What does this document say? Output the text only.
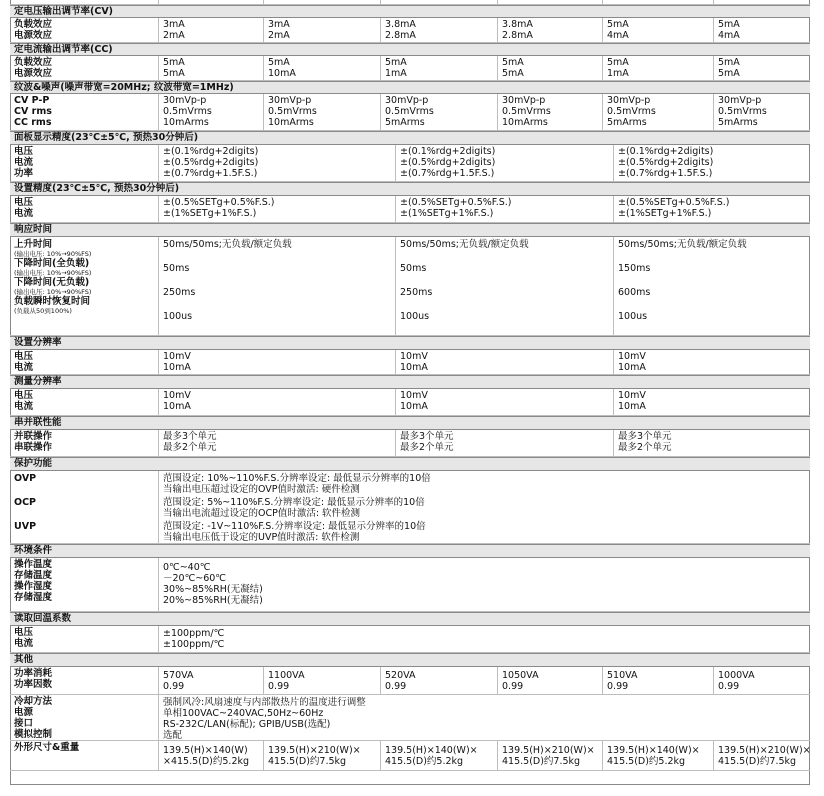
定电压输出调节率(CV)
负载效应
电源效应
3mA
2mA
3mA
2mA
3.8mA
2.8mA
3.8mA
2.8mA
5mA
4mA
5mA
4mA
定电流输出调节率(CC)
负载效应
电源效应
5mA
5mA
5mA
10mA
5mA
1mA
5mA
5mA
5mA
1mA
5mA
5mA
纹波&噪声(噪声带宽=20MHz; 纹波带宽=1MHz)
CV P-P
CV rms
CC rms
30mVp-p
0.5mVrms
10mArms
30mVp-p
0.5mVrms
10mArms
30mVp-p
0.5mVrms
5mArms
30mVp-p
0.5mVrms
10mArms
30mVp-p
0.5mVrms
5mArms
30mVp-p
0.5mVrms
5mArms
面板显示精度(23℃±5℃, 预热30分钟后)
电压
电流
功率
±(0.1%rdg+2digits)
±(0.5%rdg+2digits)
±(0.7%rdg+1.5F.S.)
±(0.1%rdg+2digits)
±(0.5%rdg+2digits)
±(0.7%rdg+1.5F.S.)
±(0.1%rdg+2digits)
±(0.5%rdg+2digits)
±(0.7%rdg+1.5F.S.)
设置精度(23℃±5℃, 预热30分钟后)
电压
电流
±(0.5%SETg+0.5%F.S.)
±(1%SETg+1%F.S.)
±(0.5%SETg+0.5%F.S.)
±(1%SETg+1%F.S.)
±(0.5%SETg+0.5%F.S.)
±(1%SETg+1%F.S.)
响应时间
上升时间
(输出电压: 10%→90%FS)
下降时间(全负载)
(输出电压: 10%→90%FS)
下降时间(无负载)
(输出电压: 10%→90%FS)
负载瞬时恢复时间
(负载从50到100%)
50ms/50ms;无负载/额定负载
50ms
250ms
100us
50ms/50ms;无负载/额定负载
50ms
250ms
100us
50ms/50ms;无负载/额定负载
150ms
600ms
100us
设置分辨率
电压
电流
10mV
10mA
10mV
10mA
10mV
10mA
测量分辨率
电压
电流
10mV
10mA
10mV
10mA
10mV
10mA
串并联性能
并联操作
串联操作
最多3个单元
最多2个单元
最多3个单元
最多2个单元
最多3个单元
最多2个单元
保护功能
OVP
OCP
UVP
范围设定: 10%~110%F.S.分辨率设定: 最低显示分辨率的10倍
当输出电压超过设定的OVP值时激活: 硬件检测
范围设定: 5%~110%F.S.分辨率设定: 最低显示分辨率的10倍
当输出电流超过设定的OCP值时激活: 软件检测
范围设定: -1V~110%F.S.分辨率设定: 最低显示分辨率的10倍
当输出电压低于设定的UVP值时激活: 软件检测
环境条件
操作温度
存储温度
操作湿度
存储湿度
0℃~40℃
－20℃~60℃
30%~85%RH(无凝结)
20%~85%RH(无凝结)
读取回温系数
电压
电流
±100ppm/℃
±100ppm/℃
其他
功率消耗
功率因数
570VA
0.99
1100VA
0.99
520VA
0.99
1050VA
0.99
510VA
0.99
1000VA
0.99
冷却方法
电源
接口
模拟控制
强制风冷:风扇速度与内部散热片的温度进行调整
单相100VAC~240VAC,50Hz~60Hz
RS-232C/LAN(标配); GPIB/USB(选配)
选配
外形尺寸&重量	139.5(H)×140(W)
×415.5(D)约5.2kg
139.5(H)×210(W)×
415.5(D)约7.5kg
139.5(H)×140(W)×
415.5(D)约5.2kg
139.5(H)×210(W)×
415.5(D)约7.5kg
139.5(H)×140(W)×
415.5(D)约5.2kg
139.5(H)×210(W)×
415.5(D)约7.5kg
